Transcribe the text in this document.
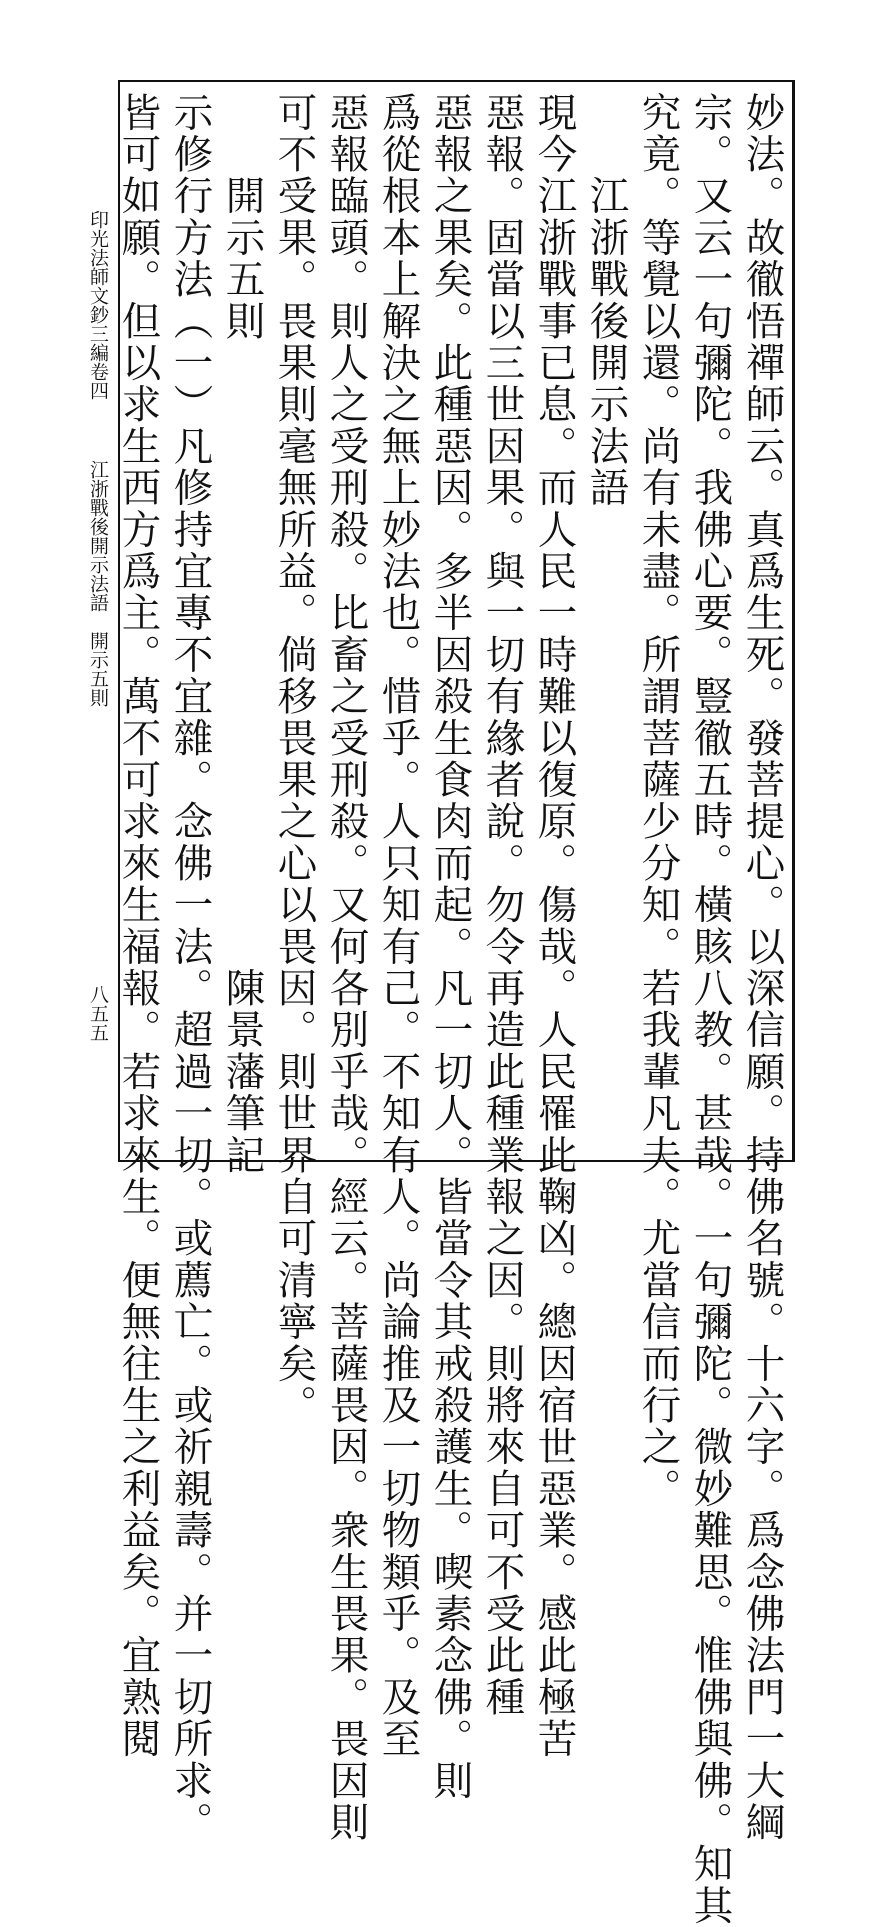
妙法。故徹悟禪師云。真爲生死。發菩提心。以深信願。持佛名號。十六字。爲念佛法門一大綱
宗。又云一句彌陀。我佛心要。豎徹五時。橫賅八教。甚哉。一句彌陀。微妙難思。惟佛與佛。知其
究竟。等覺以還。尚有未盡。所謂菩薩少分知。若我輩凡夫。尤當信而行之。
　　江浙戰後開示法語
現今江浙戰事已息。而人民一時難以復原。傷哉。人民罹此鞠凶。總因宿世惡業。感此極苦
惡報。固當以三世因果。與一切有緣者說。勿令再造此種業報之因。則將來自可不受此種
惡報之果矣。此種惡因。多半因殺生食肉而起。凡一切人。皆當令其戒殺護生。喫素念佛。則
爲從根本上解決之無上妙法也。惜乎。人只知有己。不知有人。尚論推及一切物類乎。及至
惡報臨頭。則人之受刑殺。比畜之受刑殺。又何各別乎哉。經云。菩薩畏因。衆生畏果。畏因則
可不受果。畏果則毫無所益。倘移畏果之心以畏因。則世界自可清寧矣。
　　開示五則　　　　　　　　　　　　　　　陳景藩筆記
示修行方法（一）凡修持宜專不宜雜。念佛一法。超過一切。或薦亡。或祈親壽。并一切所求。
皆可如願。但以求生西方爲主。萬不可求來生福報。若求來生。便無往生之利益矣。宜熟閱
印光法師文鈔三編卷四
江浙戰後開示法語　開示五則
八五五
